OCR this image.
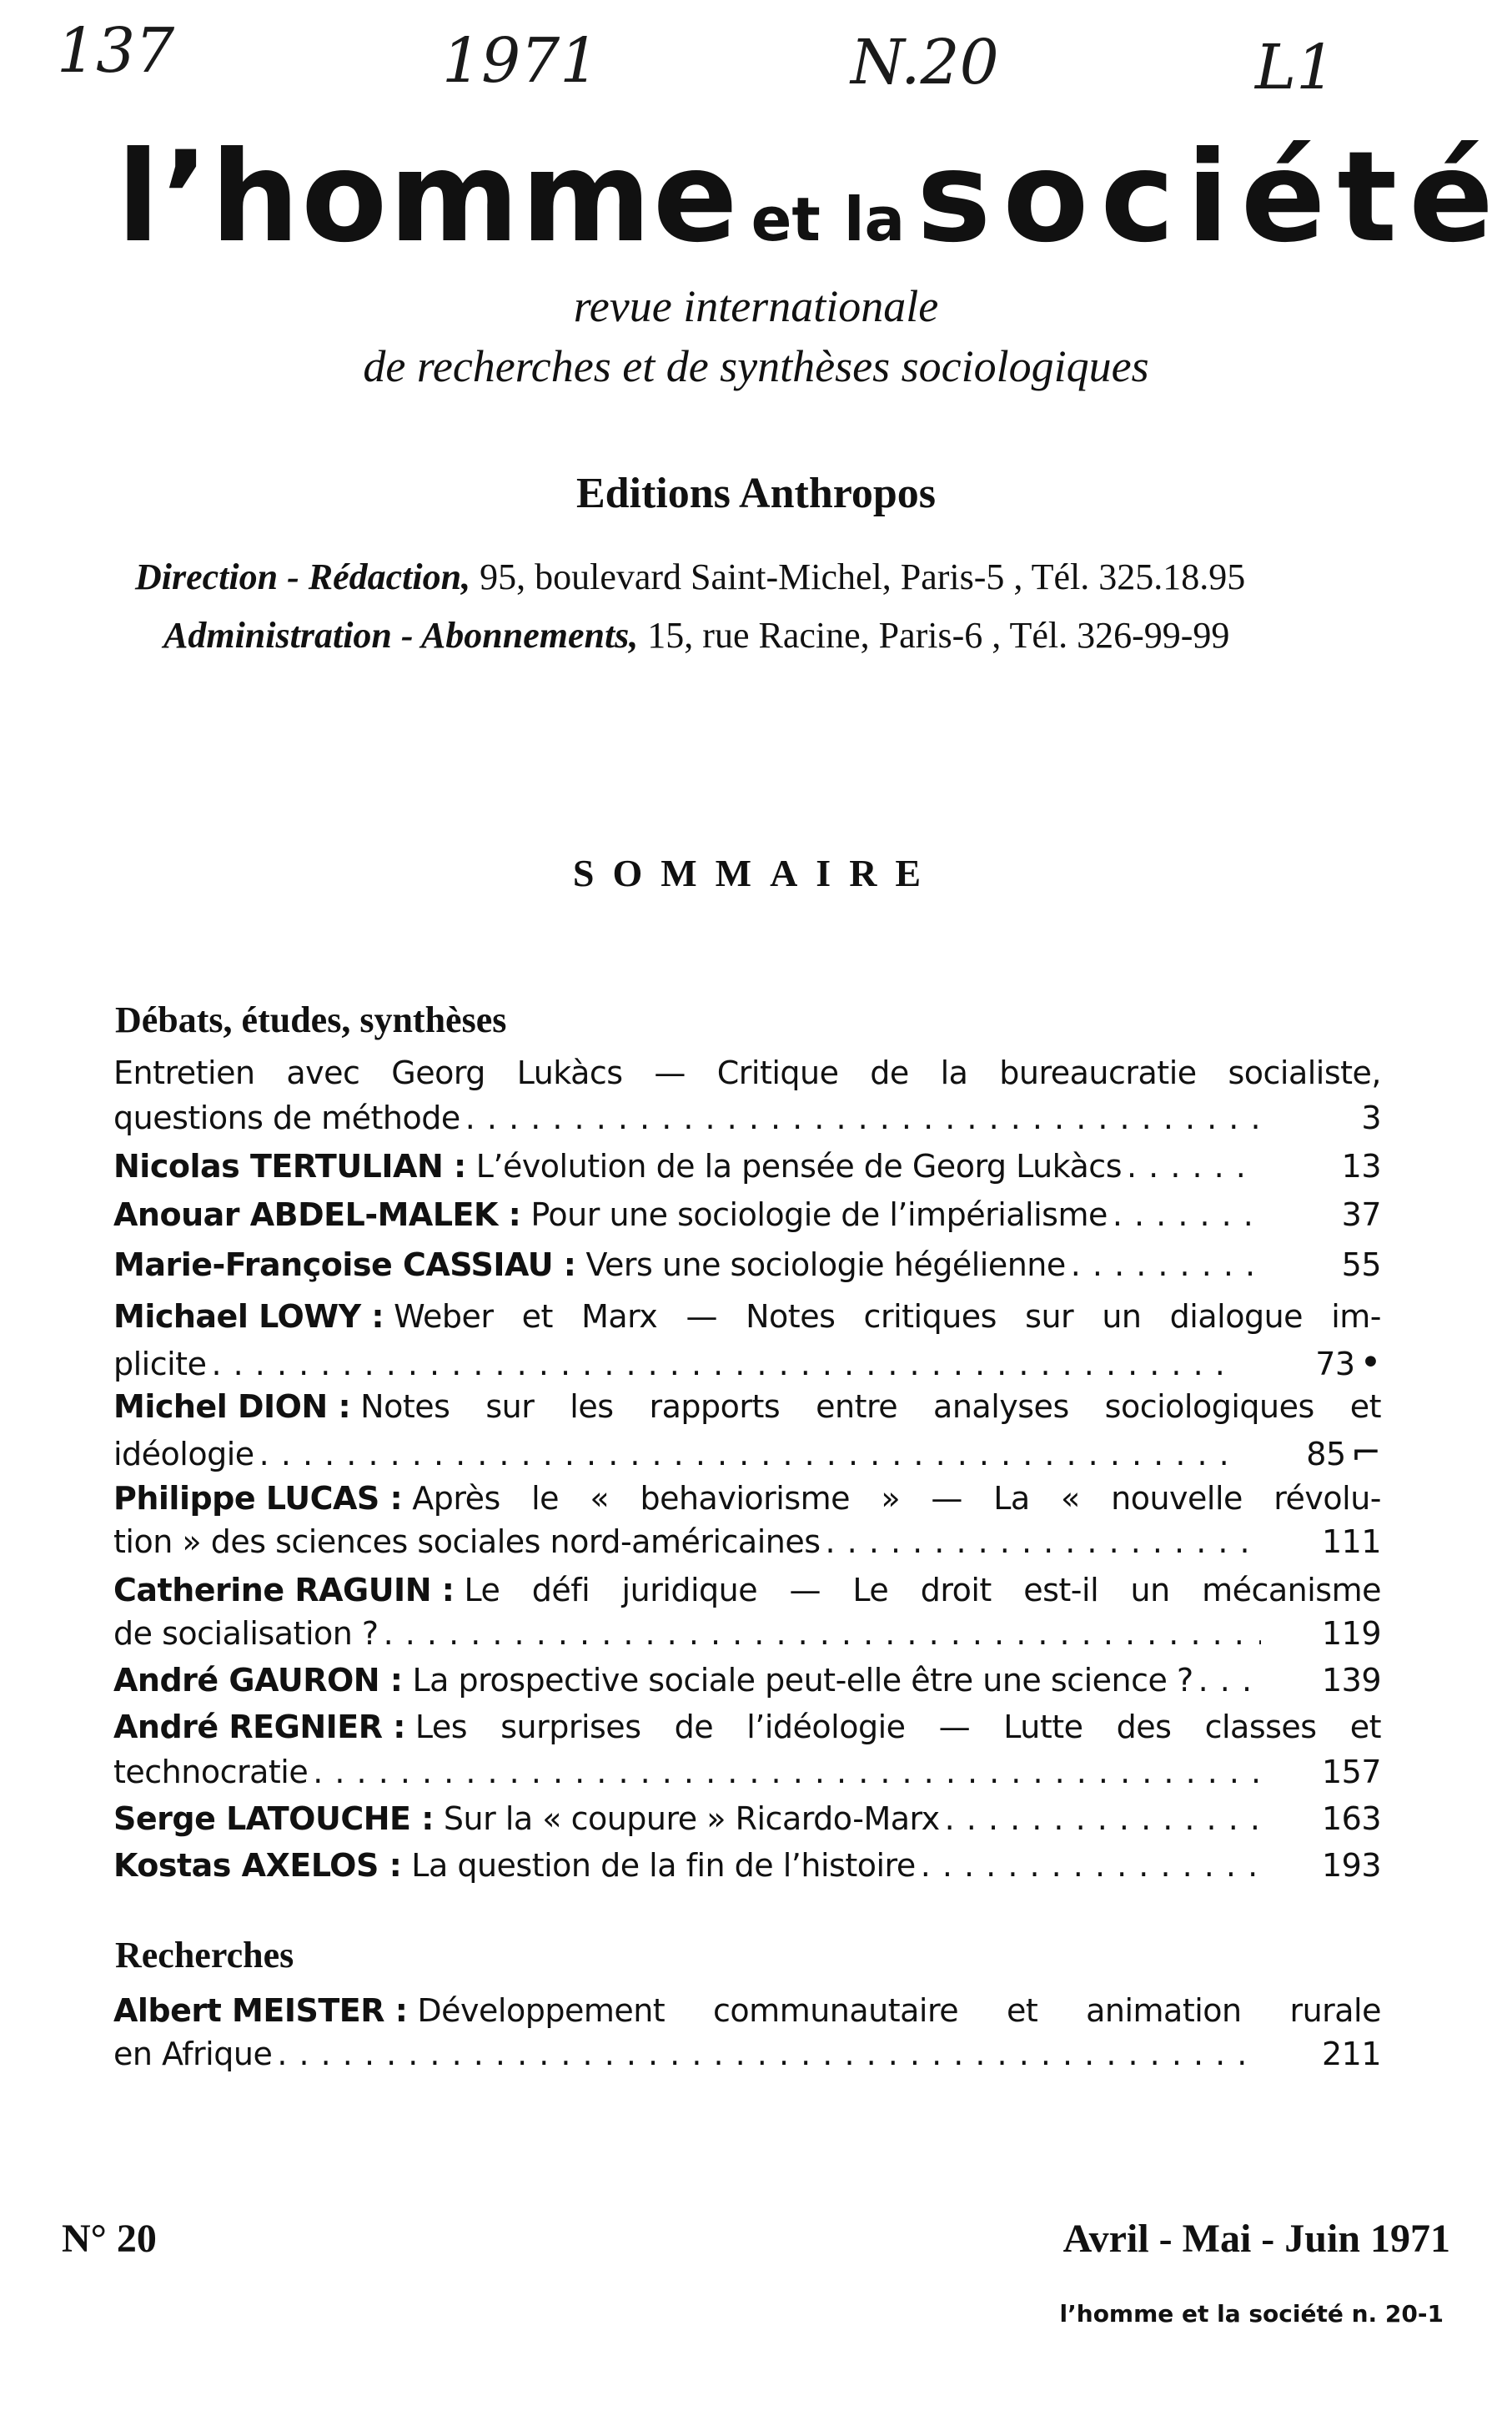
137	1971	N.20	L1
l’homme et lasociété
revue internationale
de recherches et de synthèses sociologiques
Editions Anthropos
Direction - Rédaction, 95, boulevard Saint-Michel, Paris-5 , Tél. 325.18.95
Administration - Abonnements, 15, rue Racine, Paris-6 , Tél. 326-99-99
SOMMAIRE
Débats, études, synthèses
Entretien avec Georg Lukàcs — Critique de la bureaucratie socialiste,
questions de méthode . . .	3
Nicolas TERTULIAN : L’évolution de la pensée de Georg Lukàcs . . .	13
Anouar ABDEL-MALEK : Pour une sociologie de l’impérialisme . . .	37
Marie-Françoise CASSIAU : Vers une sociologie hégélienne . . .	55
Michael LOWY : Weber et Marx — Notes critiques sur un dialogue im-
plicite . . .	73 •
Michel DION : Notes sur les rapports entre analyses sociologiques et
idéologie . . .	85 ⌐
Philippe LUCAS : Après le « behaviorisme » — La « nouvelle révolu-
tion » des sciences sociales nord-américaines . . .	111
Catherine RAGUIN : Le défi juridique — Le droit est-il un mécanisme
de socialisation ? . . .	119
André GAURON : La prospective sociale peut-elle être une science ? . . .	139
André REGNIER : Les surprises de l’idéologie — Lutte des classes et
technocratie . . .	157
Serge LATOUCHE : Sur la « coupure » Ricardo-Marx . . .	163
Kostas AXELOS : La question de la fin de l’histoire . . .	193
Recherches
Albert MEISTER : Développement communautaire et animation rurale
en Afrique . . .	211
N° 20	Avril - Mai - Juin 1971
l’homme et la société n. 20-1
